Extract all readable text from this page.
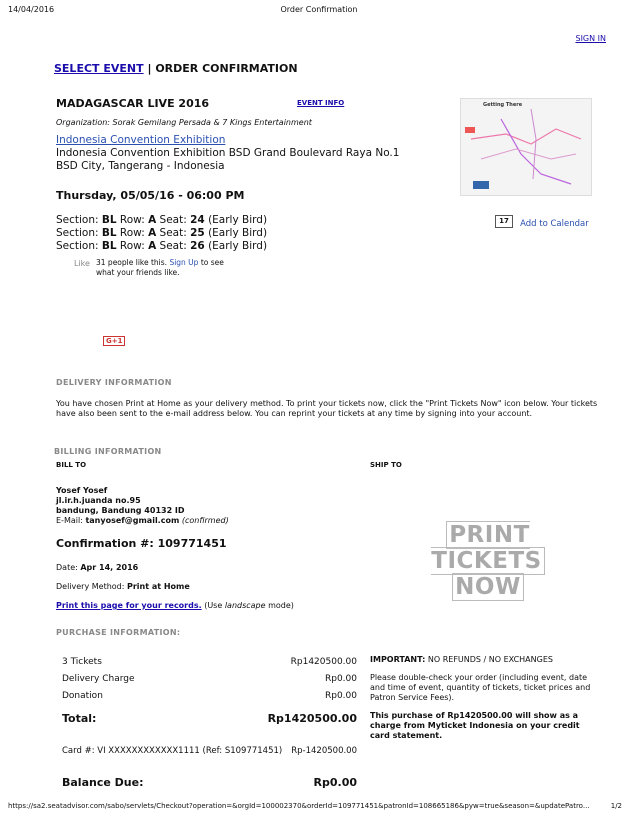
14/04/2016	Order Confirmation
SIGN IN
SELECT EVENT | ORDER CONFIRMATION
MADAGASCAR LIVE 2016	EVENT INFO
Organization: Sorak Gemilang Persada & 7 Kings Entertainment
Indonesia Convention Exhibition
Indonesia Convention Exhibition BSD Grand Boulevard Raya No.1
BSD City, Tangerang - Indonesia
Thursday, 05/05/16 - 06:00 PM
Section: BL Row: A Seat: 24 (Early Bird)
Section: BL Row: A Seat: 25 (Early Bird)
Section: BL Row: A Seat: 26 (Early Bird)
Getting There
17 Add to Calendar
Like 31 people like this. Sign Up to see what your friends like.
G+1
DELIVERY INFORMATION
You have chosen Print at Home as your delivery method. To print your tickets now, click the "Print Tickets Now" icon below. Your tickets have also been sent to the e-mail address below. You can reprint your tickets at any time by signing into your account.
BILLING INFORMATION
BILL TO	SHIP TO
Yosef Yosef
jl.ir.h.juanda no.95
bandung, Bandung 40132 ID
E-Mail: tanyosef@gmail.com (confirmed)
Confirmation #: 109771451
Date: Apr 14, 2016
Delivery Method: Print at Home
Print this page for your records. (Use landscape mode)
PRINT TICKETS
NOW
PURCHASE INFORMATION:
3 Tickets	Rp1420500.00
Delivery Charge	Rp0.00
Donation	Rp0.00
Total:	Rp1420500.00
Card #: VI XXXXXXXXXXXX1111 (Ref: S109771451)	Rp-1420500.00
Balance Due:	Rp0.00
IMPORTANT: NO REFUNDS / NO EXCHANGES
Please double-check your order (including event, date and time of event, quantity of tickets, ticket prices and Patron Service Fees).
This purchase of Rp1420500.00 will show as a charge from Myticket Indonesia on your credit card statement.
https://sa2.seatadvisor.com/sabo/servlets/Checkout?operation=&orgId=100002370&orderId=109771451&patronId=108665186&pyw=true&season=&updatePatro...	1/2
